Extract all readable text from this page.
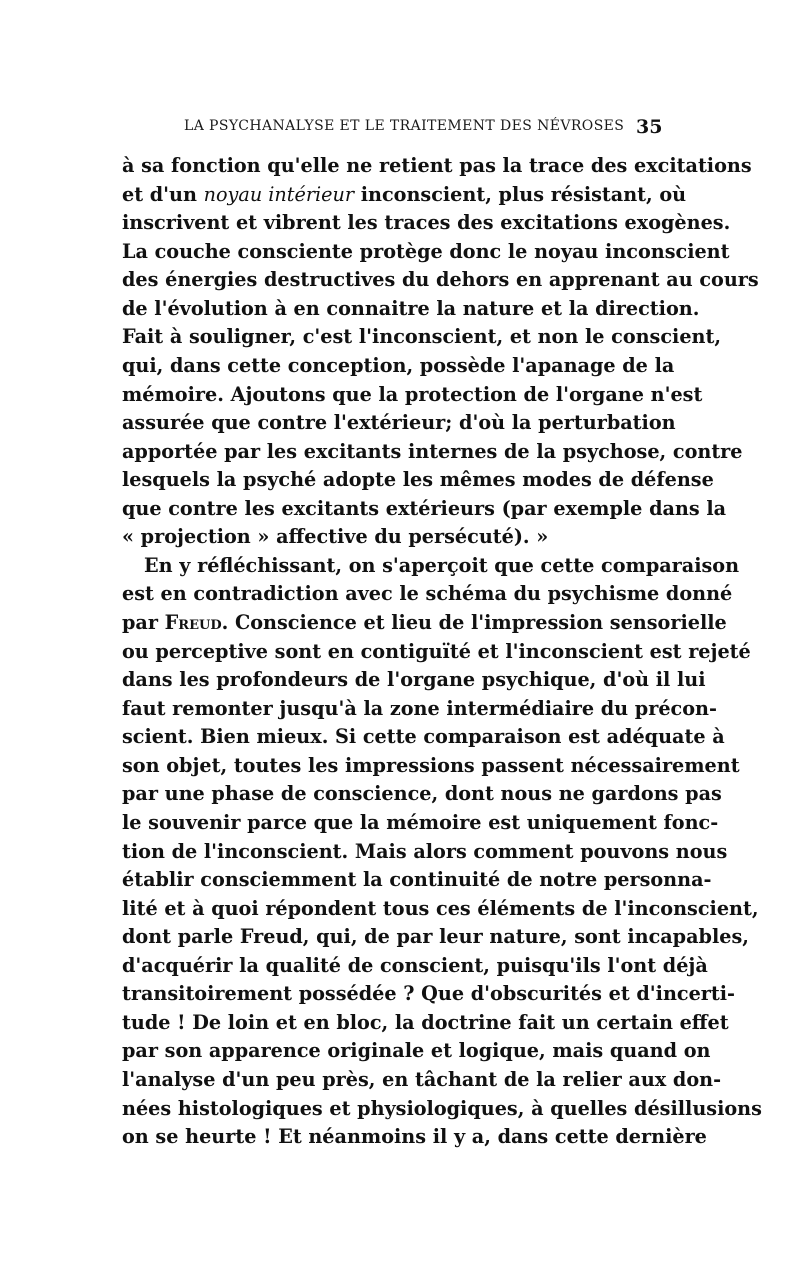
LA PSYCHANALYSE ET LE TRAITEMENT DES NÉVROSES 35
à sa fonction qu'elle ne retient pas la trace des excitations
et d'un noyau intérieur inconscient, plus résistant, où
inscrivent et vibrent les traces des excitations exogènes.
La couche consciente protège donc le noyau inconscient
des énergies destructives du dehors en apprenant au cours
de l'évolution à en connaitre la nature et la direction.
Fait à souligner, c'est l'inconscient, et non le conscient,
qui, dans cette conception, possède l'apanage de la
mémoire. Ajoutons que la protection de l'organe n'est
assurée que contre l'extérieur; d'où la perturbation
apportée par les excitants internes de la psychose, contre
lesquels la psyché adopte les mêmes modes de défense
que contre les excitants extérieurs (par exemple dans la
« projection » affective du persécuté). »
En y réfléchissant, on s'aperçoit que cette comparaison
est en contradiction avec le schéma du psychisme donné
par Freud. Conscience et lieu de l'impression sensorielle
ou perceptive sont en contiguïté et l'inconscient est rejeté
dans les profondeurs de l'organe psychique, d'où il lui
faut remonter jusqu'à la zone intermédiaire du précon-
scient. Bien mieux. Si cette comparaison est adéquate à
son objet, toutes les impressions passent nécessairement
par une phase de conscience, dont nous ne gardons pas
le souvenir parce que la mémoire est uniquement fonc-
tion de l'inconscient. Mais alors comment pouvons nous
établir consciemment la continuité de notre personna-
lité et à quoi répondent tous ces éléments de l'inconscient,
dont parle Freud, qui, de par leur nature, sont incapables,
d'acquérir la qualité de conscient, puisqu'ils l'ont déjà
transitoirement possédée ? Que d'obscurités et d'incerti-
tude ! De loin et en bloc, la doctrine fait un certain effet
par son apparence originale et logique, mais quand on
l'analyse d'un peu près, en tâchant de la relier aux don-
nées histologiques et physiologiques, à quelles désillusions
on se heurte ! Et néanmoins il y a, dans cette dernière
